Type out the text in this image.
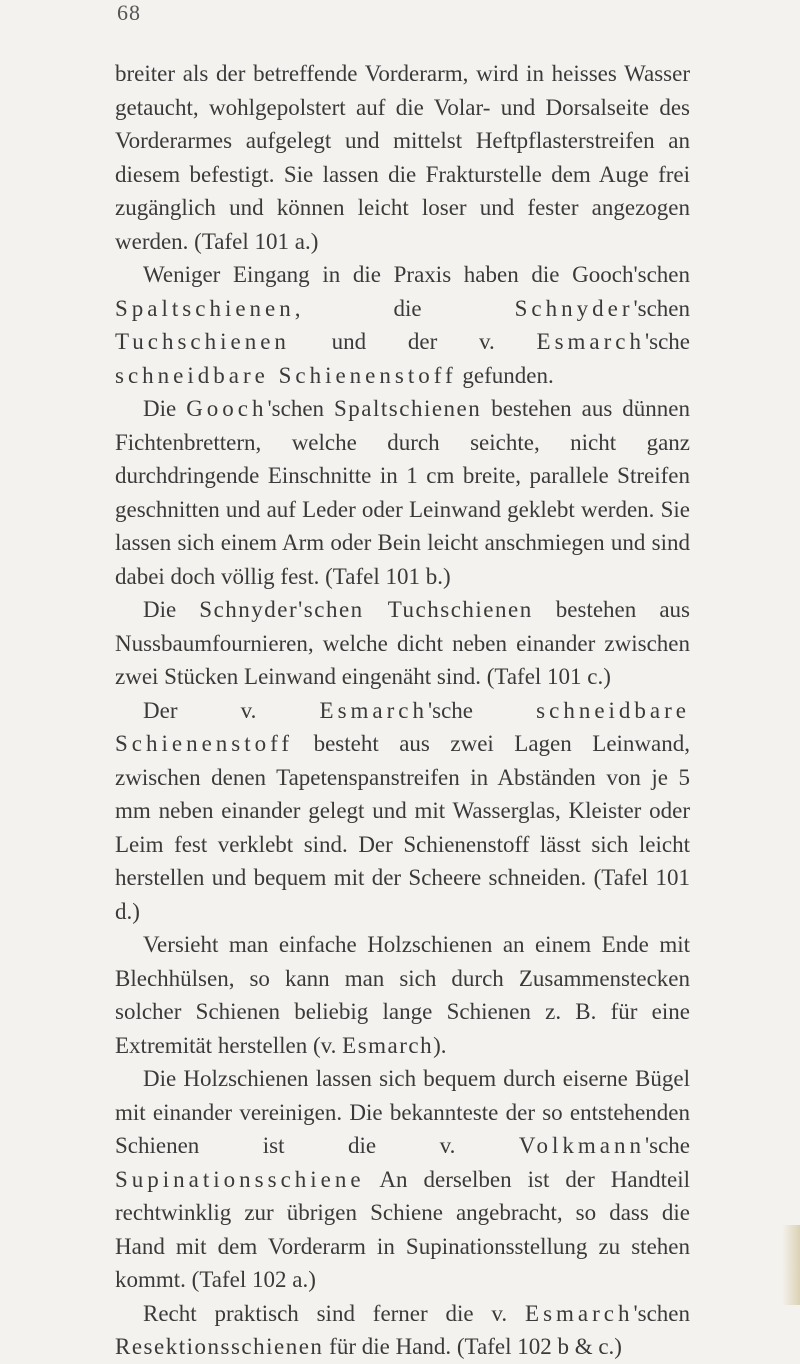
68

breiter als der betreffende Vorderarm, wird in heisses Wasser getaucht, wohlgepolstert auf die Volar- und Dorsalseite des Vorderarmes aufgelegt und mittelst Heftpflasterstreifen an diesem befestigt. Sie lassen die Frakturstelle dem Auge frei zugänglich und können leicht loser und fester angezogen werden. (Tafel 101 a.)

Weniger Eingang in die Praxis haben die Gooch'schen Spaltschienen, die Schnyder'schen Tuchschienen und der v. Esmarch'sche schneidbare Schienenstoff gefunden.

Die Gooch'schen Spaltschienen bestehen aus dünnen Fichtenbrettern, welche durch seichte, nicht ganz durchdringende Einschnitte in 1 cm breite, parallele Streifen geschnitten und auf Leder oder Leinwand geklebt werden. Sie lassen sich einem Arm oder Bein leicht anschmiegen und sind dabei doch völlig fest. (Tafel 101 b.)

Die Schnyder'schen Tuchschienen bestehen aus Nussbaumfournieren, welche dicht neben einander zwischen zwei Stücken Leinwand eingenäht sind. (Tafel 101 c.)

Der v. Esmarch'sche schneidbare Schienenstoff besteht aus zwei Lagen Leinwand, zwischen denen Tapetenspanstreifen in Abständen von je 5 mm neben einander gelegt und mit Wasserglas, Kleister oder Leim fest verklebt sind. Der Schienenstoff lässt sich leicht herstellen und bequem mit der Scheere schneiden. (Tafel 101 d.)

Versieht man einfache Holzschienen an einem Ende mit Blechhülsen, so kann man sich durch Zusammenstecken solcher Schienen beliebig lange Schienen z. B. für eine Extremität herstellen (v. Esmarch).

Die Holzschienen lassen sich bequem durch eiserne Bügel mit einander vereinigen. Die bekannteste der so entstehenden Schienen ist die v. Volkmann'sche Supinationsschiene An derselben ist der Handteil rechtwinklig zur übrigen Schiene angebracht, so dass die Hand mit dem Vorderarm in Supinationsstellung zu stehen kommt. (Tafel 102 a.)

Recht praktisch sind ferner die v. Esmarch'schen Resektionsschienen für die Hand. (Tafel 102 b & c.)
